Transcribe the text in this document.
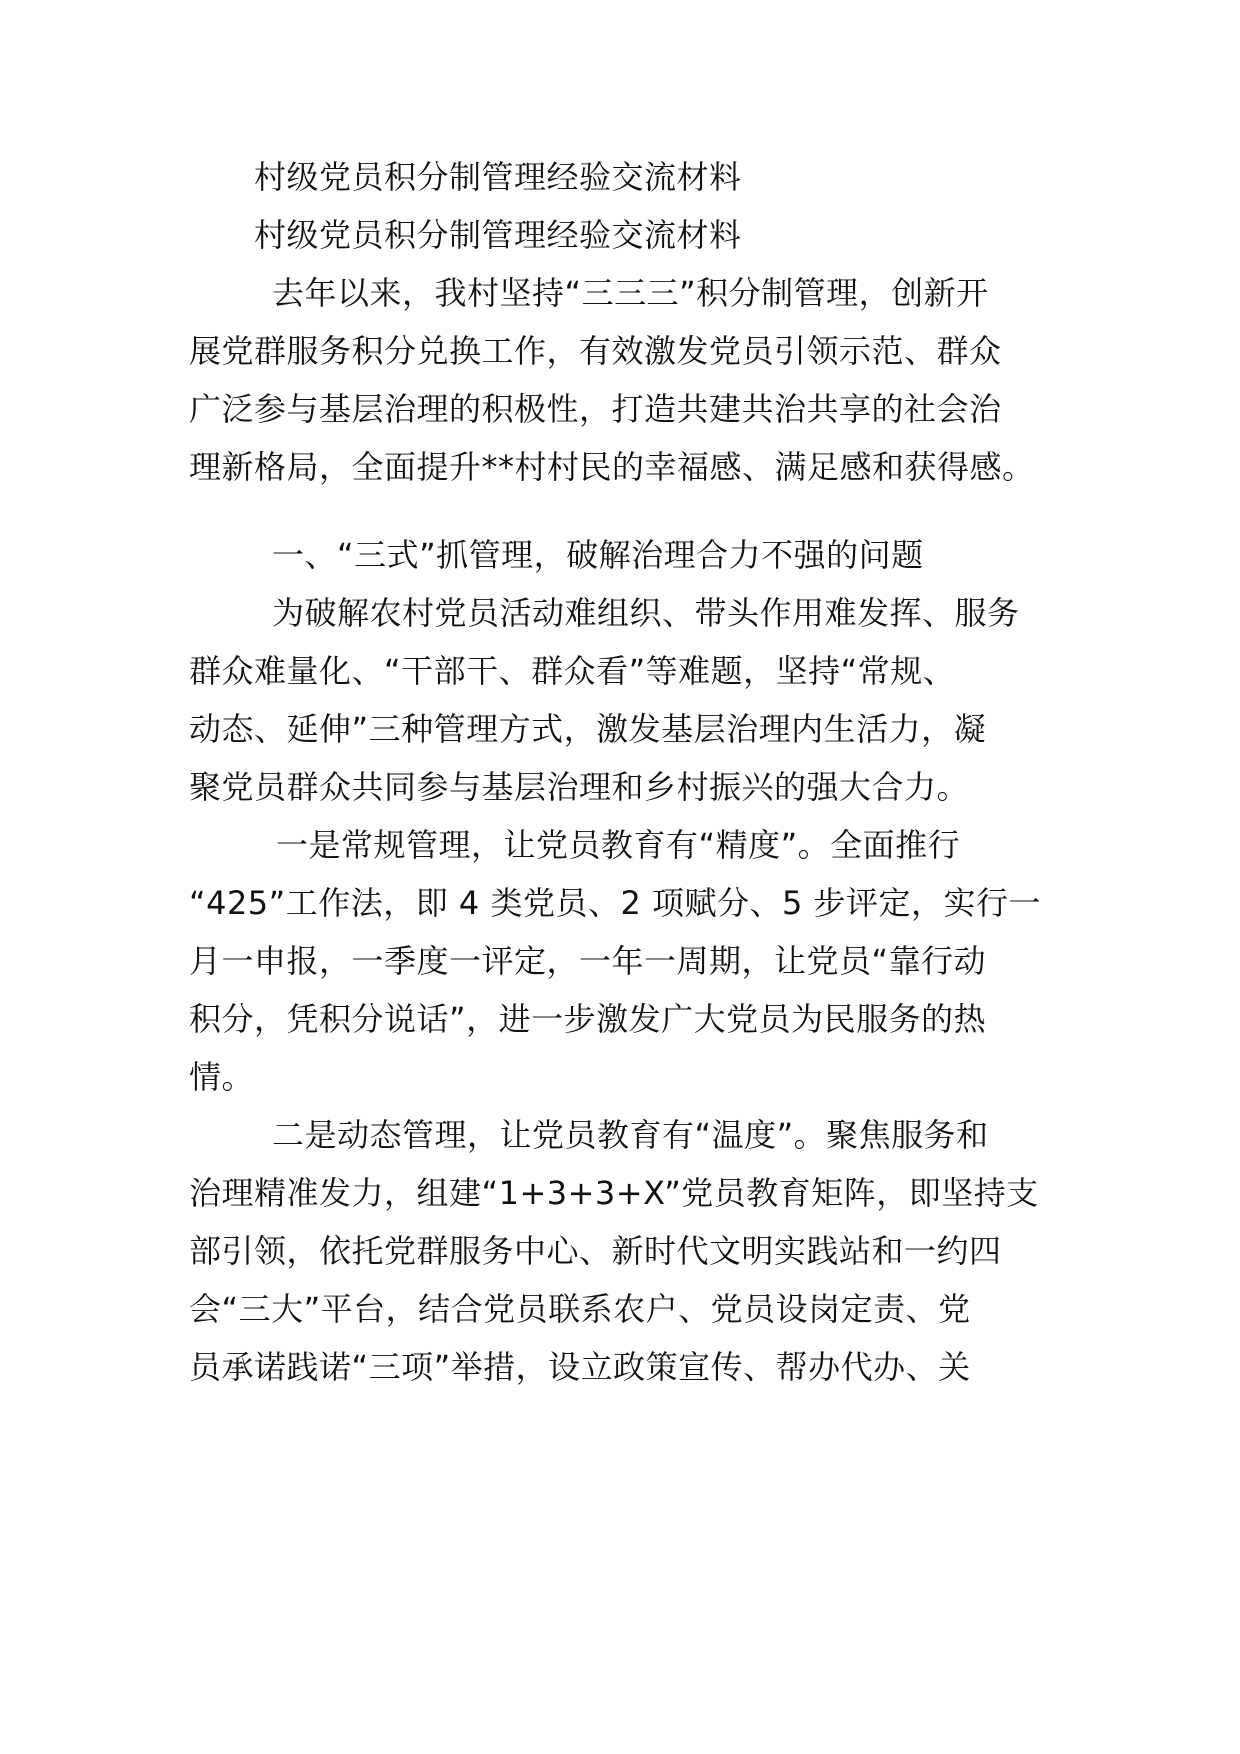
村级党员积分制管理经验交流材料
村级党员积分制管理经验交流材料
去年以来，我村坚持“三三三”积分制管理，创新开
展党群服务积分兑换工作，有效激发党员引领示范、群众
广泛参与基层治理的积极性，打造共建共治共享的社会治
理新格局，全面提升**村村民的幸福感、满足感和获得感。
一、“三式”抓管理，破解治理合力不强的问题
为破解农村党员活动难组织、带头作用难发挥、服务
群众难量化、“干部干、群众看”等难题，坚持“常规、
动态、延伸”三种管理方式，激发基层治理内生活力，凝
聚党员群众共同参与基层治理和乡村振兴的强大合力。
一是常规管理，让党员教育有“精度”。全面推行
“425”工作法，即 4 类党员、2 项赋分、5 步评定，实行一
月一申报，一季度一评定，一年一周期，让党员“靠行动
积分，凭积分说话”，进一步激发广大党员为民服务的热
情。
二是动态管理，让党员教育有“温度”。聚焦服务和
治理精准发力，组建“1+3+3+X”党员教育矩阵，即坚持支
部引领，依托党群服务中心、新时代文明实践站和一约四
会“三大”平台，结合党员联系农户、党员设岗定责、党
员承诺践诺“三项”举措，设立政策宣传、帮办代办、关
